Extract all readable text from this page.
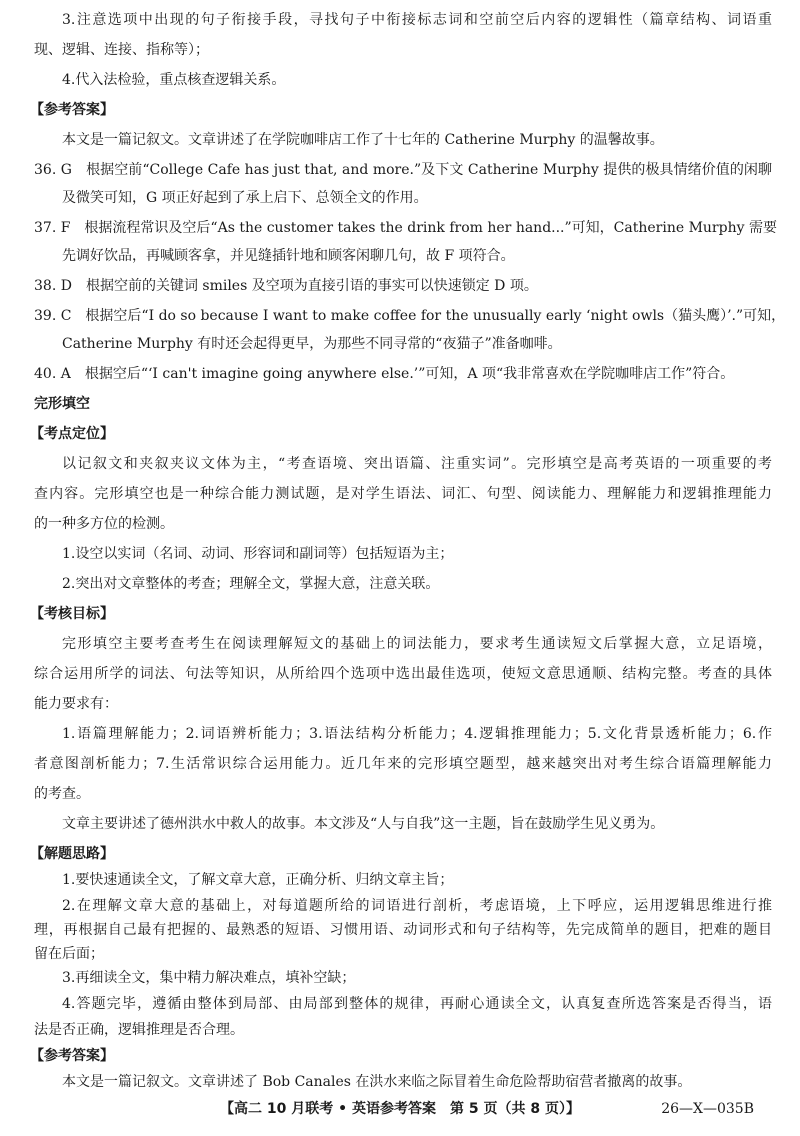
3.注意选项中出现的句子衔接手段，寻找句子中衔接标志词和空前空后内容的逻辑性（篇章结构、词语重
现、逻辑、连接、指称等）；
4.代入法检验，重点核查逻辑关系。
【参考答案】
本文是一篇记叙文。文章讲述了在学院咖啡店工作了十七年的 Catherine Murphy 的温馨故事。
36. G　根据空前“College Cafe has just that, and more.”及下文 Catherine Murphy 提供的极具情绪价值的闲聊
及微笑可知，G 项正好起到了承上启下、总领全文的作用。
37. F　根据流程常识及空后“As the customer takes the drink from her hand...”可知，Catherine Murphy 需要
先调好饮品，再喊顾客拿，并见缝插针地和顾客闲聊几句，故 F 项符合。
38. D　根据空前的关键词 smiles 及空项为直接引语的事实可以快速锁定 D 项。
39. C　根据空后“I do so because I want to make coffee for the unusually early ‘night owls（猫头鹰）’.”可知，
Catherine Murphy 有时还会起得更早，为那些不同寻常的“夜猫子”准备咖啡。
40. A　根据空后“‘I can't imagine going anywhere else.’”可知，A 项“我非常喜欢在学院咖啡店工作”符合。
完形填空
【考点定位】
以记叙文和夹叙夹议文体为主，“考查语境、突出语篇、注重实词”。完形填空是高考英语的一项重要的考
查内容。完形填空也是一种综合能力测试题，是对学生语法、词汇、句型、阅读能力、理解能力和逻辑推理能力
的一种多方位的检测。
1.设空以实词（名词、动词、形容词和副词等）包括短语为主；
2.突出对文章整体的考查；理解全文，掌握大意，注意关联。
【考核目标】
完形填空主要考查考生在阅读理解短文的基础上的词法能力，要求考生通读短文后掌握大意，立足语境，
综合运用所学的词法、句法等知识，从所给四个选项中选出最佳选项，使短文意思通顺、结构完整。考查的具体
能力要求有：
1.语篇理解能力；2.词语辨析能力；3.语法结构分析能力；4.逻辑推理能力；5.文化背景透析能力；6.作
者意图剖析能力；7.生活常识综合运用能力。近几年来的完形填空题型，越来越突出对考生综合语篇理解能力
的考查。
文章主要讲述了德州洪水中救人的故事。本文涉及“人与自我”这一主题，旨在鼓励学生见义勇为。
【解题思路】
1.要快速通读全文，了解文章大意，正确分析、归纳文章主旨；
2.在理解文章大意的基础上，对每道题所给的词语进行剖析，考虑语境，上下呼应，运用逻辑思维进行推
理，再根据自己最有把握的、最熟悉的短语、习惯用语、动词形式和句子结构等，先完成简单的题目，把难的题目
留在后面；
3.再细读全文，集中精力解决难点，填补空缺；
4.答题完毕，遵循由整体到局部、由局部到整体的规律，再耐心通读全文，认真复查所选答案是否得当，语
法是否正确，逻辑推理是否合理。
【参考答案】
本文是一篇记叙文。文章讲述了 Bob Canales 在洪水来临之际冒着生命危险帮助宿营者撤离的故事。
【高二 10 月联考 • 英语参考答案　第 5 页（共 8 页）】	26—X—035B
